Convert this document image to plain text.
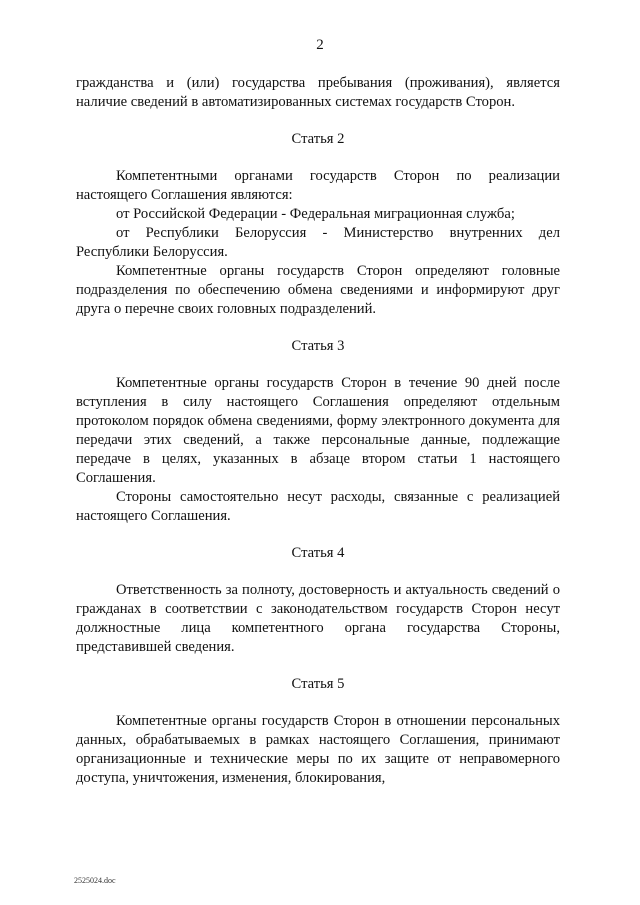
2

гражданства и (или) государства пребывания (проживания), является наличие сведений в автоматизированных системах государств Сторон.

Статья 2

Компетентными органами государств Сторон по реализации настоящего Соглашения являются:

от Российской Федерации - Федеральная миграционная служба;

от Республики Белоруссия - Министерство внутренних дел Республики Белоруссия.

Компетентные органы государств Сторон определяют головные подразделения по обеспечению обмена сведениями и информируют друг друга о перечне своих головных подразделений.

Статья 3

Компетентные органы государств Сторон в течение 90 дней после вступления в силу настоящего Соглашения определяют отдельным протоколом порядок обмена сведениями, форму электронного документа для передачи этих сведений, а также персональные данные, подлежащие передаче в целях, указанных в абзаце втором статьи 1 настоящего Соглашения.

Стороны самостоятельно несут расходы, связанные с реализацией настоящего Соглашения.

Статья 4

Ответственность за полноту, достоверность и актуальность сведений о гражданах в соответствии с законодательством государств Сторон несут должностные лица компетентного органа государства Стороны, представившей сведения.

Статья 5

Компетентные органы государств Сторон в отношении персональных данных, обрабатываемых в рамках настоящего Соглашения, принимают организационные и технические меры по их защите от неправомерного доступа, уничтожения, изменения, блокирования,

2525024.doc
